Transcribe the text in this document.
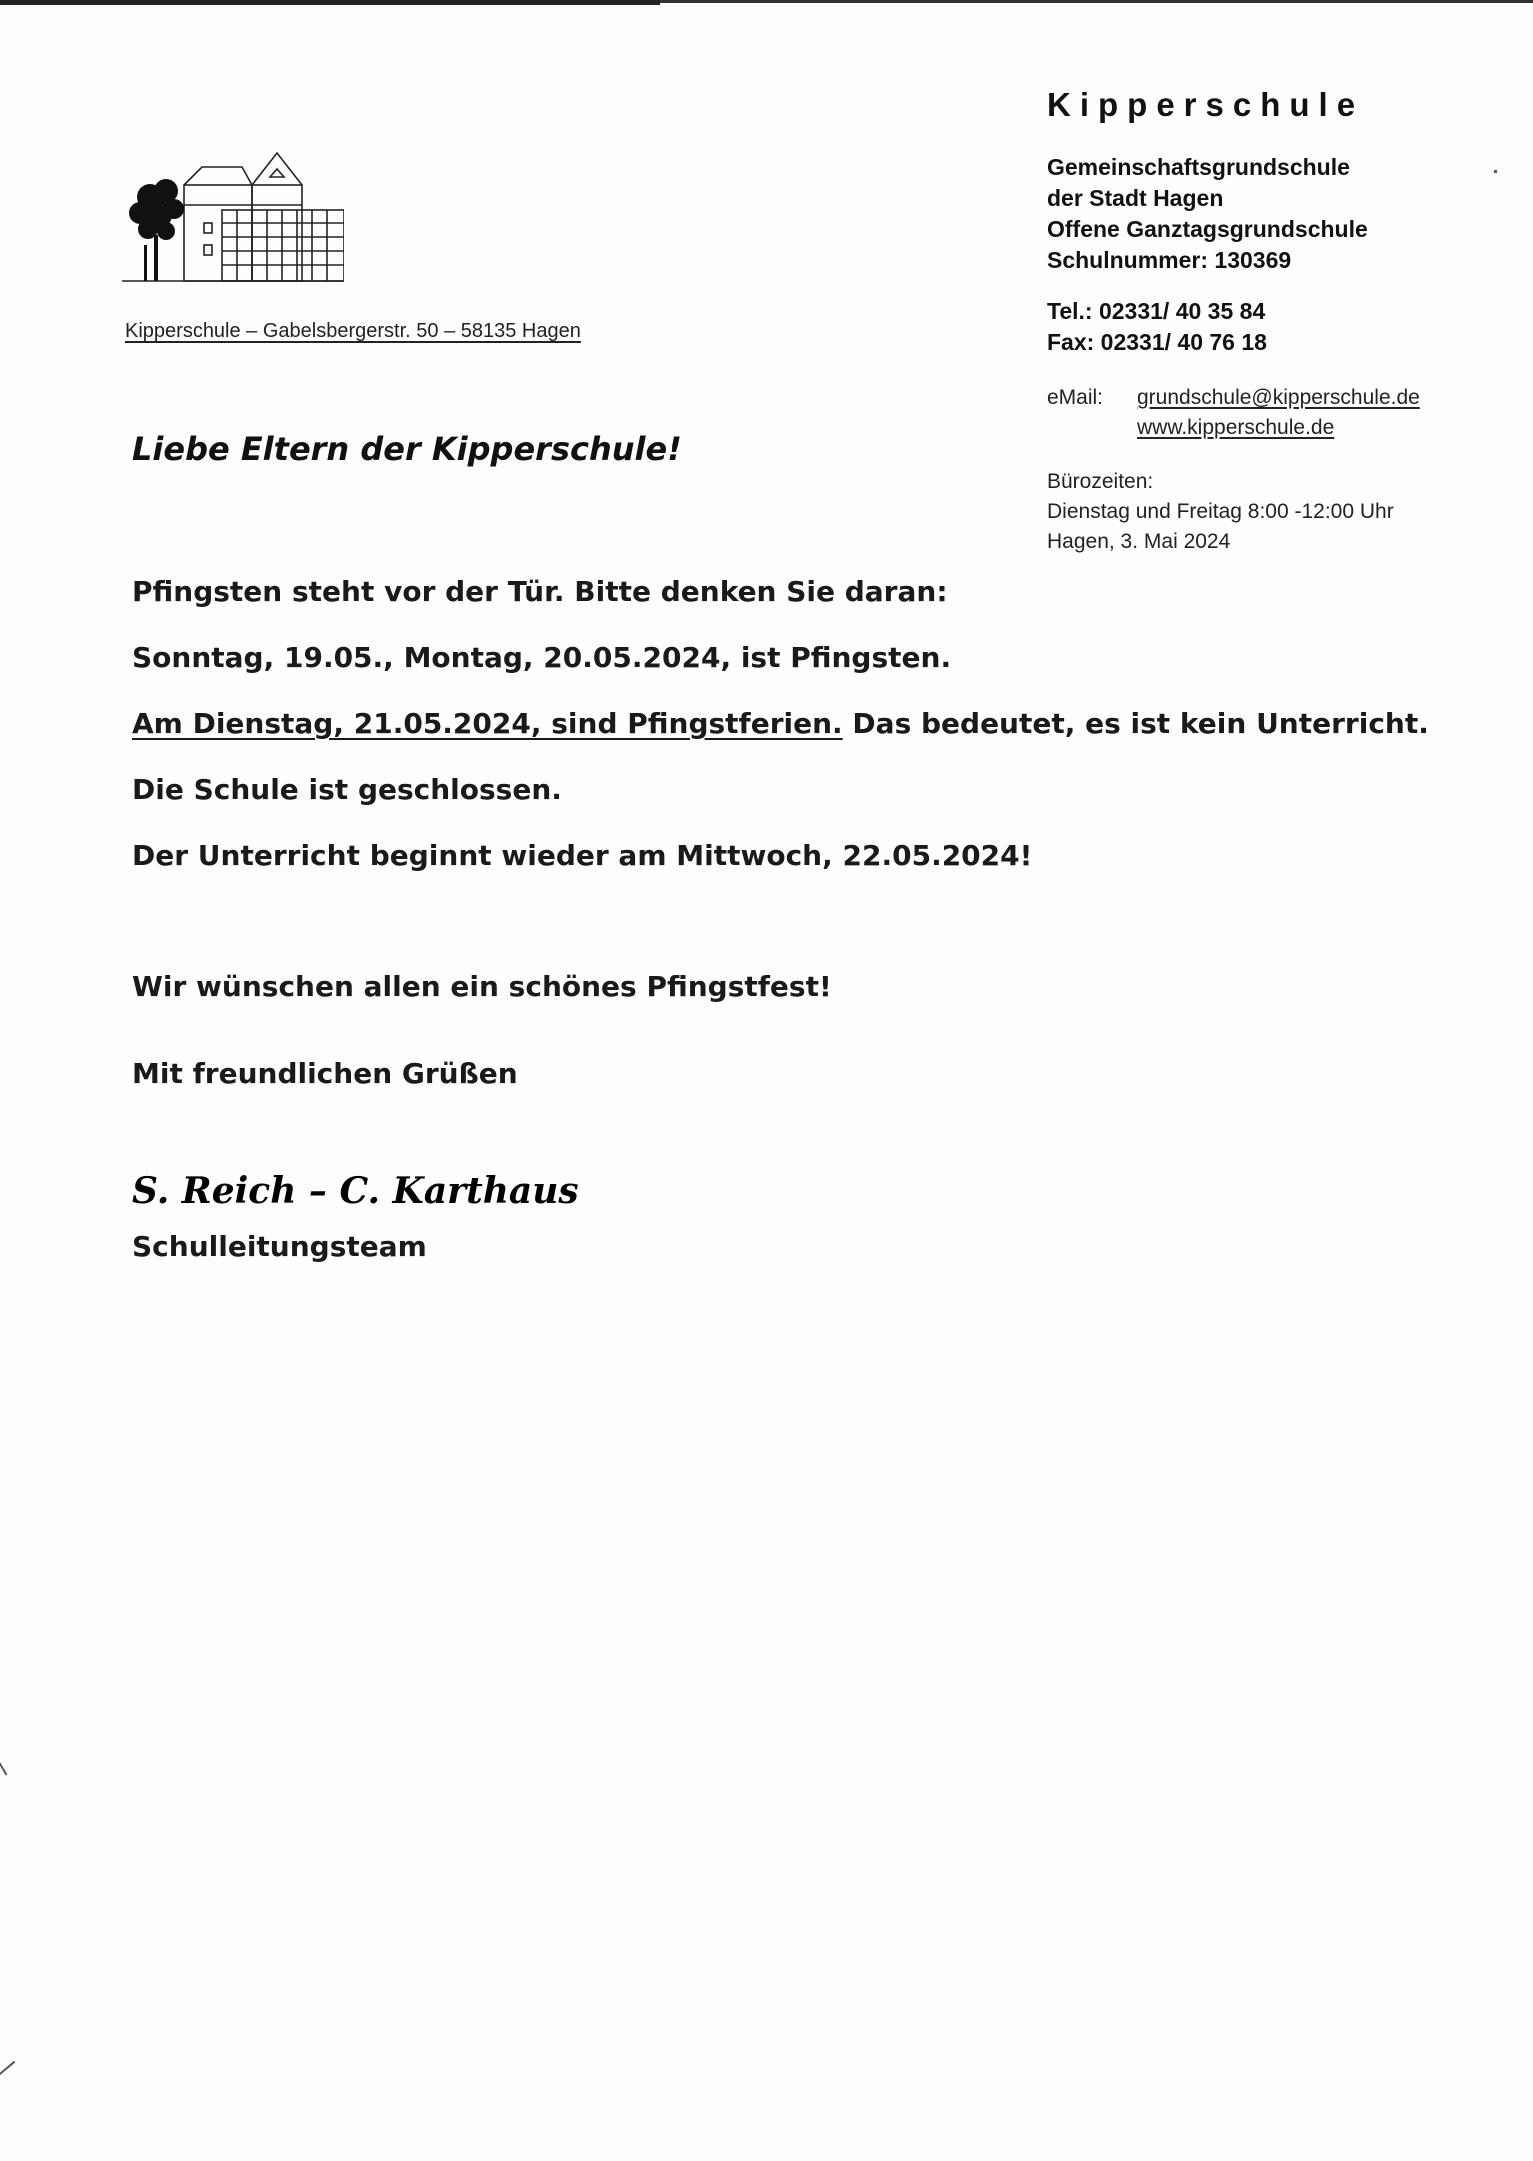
Kipperschule – Gabelsbergerstr. 50 – 58135 Hagen
Kipperschule
Gemeinschaftsgrundschule
der Stadt Hagen
Offene Ganztagsgrundschule
Schulnummer: 130369
Tel.: 02331/ 40 35 84
Fax: 02331/ 40 76 18
eMail: grundschule@kipperschule.de
www.kipperschule.de
Bürozeiten:
Dienstag und Freitag 8:00 -12:00 Uhr
Hagen, 3. Mai 2024
Liebe Eltern der Kipperschule!
Pfingsten steht vor der Tür. Bitte denken Sie daran:
Sonntag, 19.05., Montag, 20.05.2024, ist Pfingsten.
Am Dienstag, 21.05.2024, sind Pfingstferien. Das bedeutet, es ist kein Unterricht.
Die Schule ist geschlossen.
Der Unterricht beginnt wieder am Mittwoch, 22.05.2024!
Wir wünschen allen ein schönes Pfingstfest!
Mit freundlichen Grüßen
S. Reich – C. Karthaus
Schulleitungsteam
